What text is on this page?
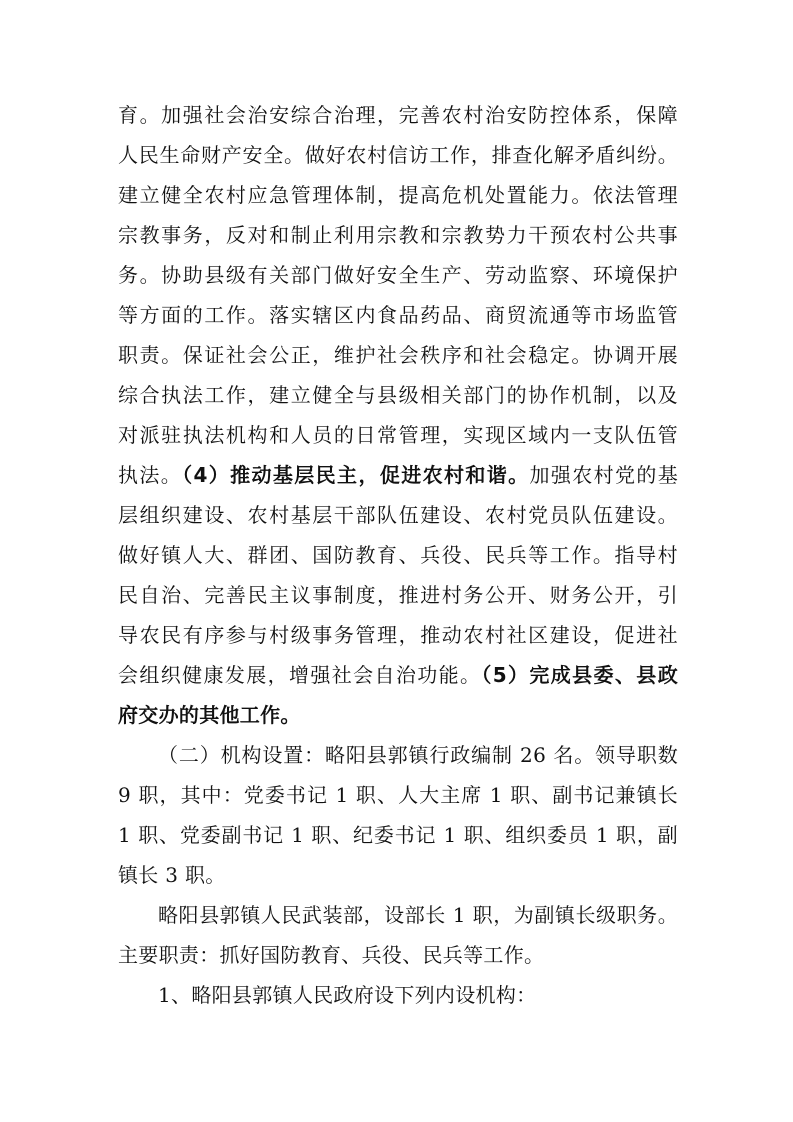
育。加强社会治安综合治理，完善农村治安防控体系，保障
人民生命财产安全。做好农村信访工作，排查化解矛盾纠纷。
建立健全农村应急管理体制，提高危机处置能力。依法管理
宗教事务，反对和制止利用宗教和宗教势力干预农村公共事
务。协助县级有关部门做好安全生产、劳动监察、环境保护
等方面的工作。落实辖区内食品药品、商贸流通等市场监管
职责。保证社会公正，维护社会秩序和社会稳定。协调开展
综合执法工作，建立健全与县级相关部门的协作机制，以及
对派驻执法机构和人员的日常管理，实现区域内一支队伍管
执法。（4）推动基层民主，促进农村和谐。加强农村党的基
层组织建设、农村基层干部队伍建设、农村党员队伍建设。
做好镇人大、群团、国防教育、兵役、民兵等工作。指导村
民自治、完善民主议事制度，推进村务公开、财务公开，引
导农民有序参与村级事务管理，推动农村社区建设，促进社
会组织健康发展，增强社会自治功能。（5）完成县委、县政
府交办的其他工作。
（二）机构设置：略阳县郭镇行政编制 26 名。领导职数
9 职，其中：党委书记 1 职、人大主席 1 职、副书记兼镇长
1 职、党委副书记 1 职、纪委书记 1 职、组织委员 1 职，副
镇长 3 职。
略阳县郭镇人民武装部，设部长 1 职，为副镇长级职务。
主要职责：抓好国防教育、兵役、民兵等工作。
1、略阳县郭镇人民政府设下列内设机构：
